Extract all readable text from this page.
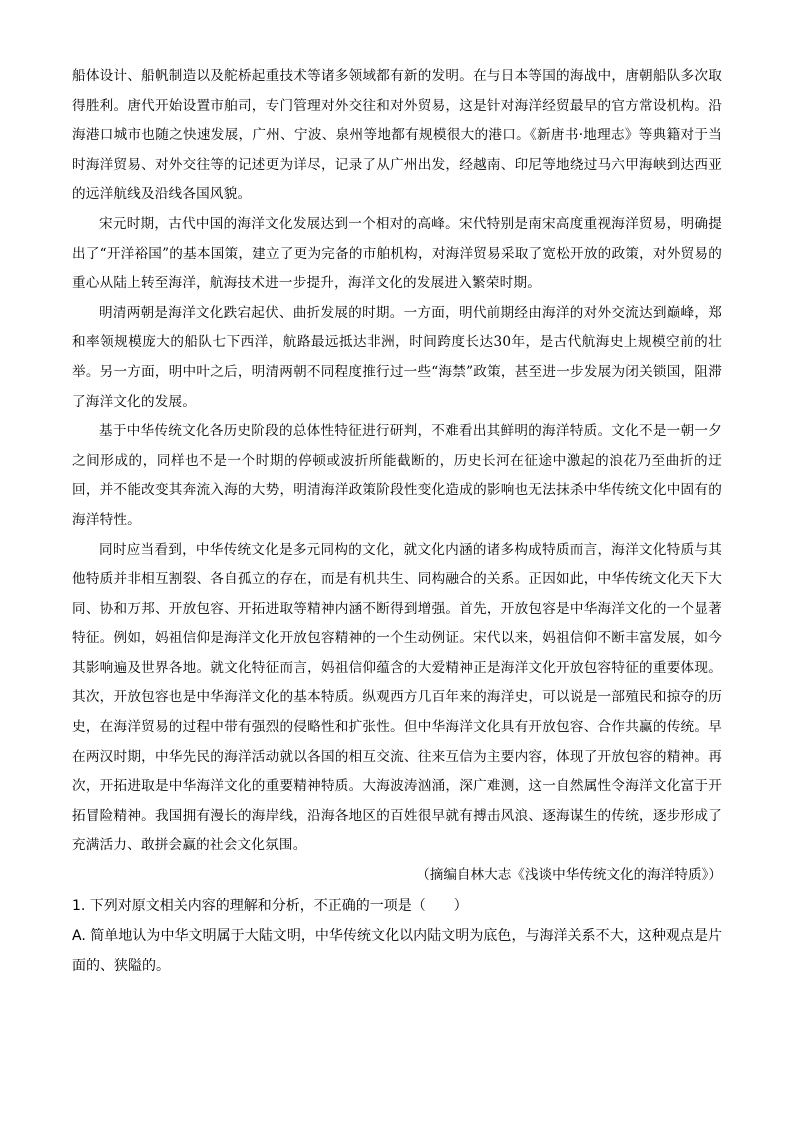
船体设计、船帆制造以及舵桥起重技术等诸多领域都有新的发明。在与日本等国的海战中，唐朝船队多次取得胜利。唐代开始设置市舶司，专门管理对外交往和对外贸易，这是针对海洋经贸最早的官方常设机构。沿海港口城市也随之快速发展，广州、宁波、泉州等地都有规模很大的港口。《新唐书·地理志》等典籍对于当时海洋贸易、对外交往等的记述更为详尽，记录了从广州出发，经越南、印尼等地绕过马六甲海峡到达西亚的远洋航线及沿线各国风貌。

宋元时期，古代中国的海洋文化发展达到一个相对的高峰。宋代特别是南宋高度重视海洋贸易，明确提出了“开洋裕国”的基本国策，建立了更为完备的市舶机构，对海洋贸易采取了宽松开放的政策，对外贸易的重心从陆上转至海洋，航海技术进一步提升，海洋文化的发展进入繁荣时期。

明清两朝是海洋文化跌宕起伏、曲折发展的时期。一方面，明代前期经由海洋的对外交流达到巅峰，郑和率领规模庞大的船队七下西洋，航路最远抵达非洲，时间跨度长达30年，是古代航海史上规模空前的壮举。另一方面，明中叶之后，明清两朝不同程度推行过一些“海禁”政策，甚至进一步发展为闭关锁国，阻滞了海洋文化的发展。

基于中华传统文化各历史阶段的总体性特征进行研判，不难看出其鲜明的海洋特质。文化不是一朝一夕之间形成的，同样也不是一个时期的停顿或波折所能截断的，历史长河在征途中激起的浪花乃至曲折的迂回，并不能改变其奔流入海的大势，明清海洋政策阶段性变化造成的影响也无法抹杀中华传统文化中固有的海洋特性。

同时应当看到，中华传统文化是多元同构的文化，就文化内涵的诸多构成特质而言，海洋文化特质与其他特质并非相互割裂、各自孤立的存在，而是有机共生、同构融合的关系。正因如此，中华传统文化天下大同、协和万邦、开放包容、开拓进取等精神内涵不断得到增强。首先，开放包容是中华海洋文化的一个显著特征。例如，妈祖信仰是海洋文化开放包容精神的一个生动例证。宋代以来，妈祖信仰不断丰富发展，如今其影响遍及世界各地。就文化特征而言，妈祖信仰蕴含的大爱精神正是海洋文化开放包容特征的重要体现。其次，开放包容也是中华海洋文化的基本特质。纵观西方几百年来的海洋史，可以说是一部殖民和掠夺的历史，在海洋贸易的过程中带有强烈的侵略性和扩张性。但中华海洋文化具有开放包容、合作共赢的传统。早在两汉时期，中华先民的海洋活动就以各国的相互交流、往来互信为主要内容，体现了开放包容的精神。再次，开拓进取是中华海洋文化的重要精神特质。大海波涛汹涌，深广难测，这一自然属性令海洋文化富于开拓冒险精神。我国拥有漫长的海岸线，沿海各地区的百姓很早就有搏击风浪、逐海谋生的传统，逐步形成了充满活力、敢拼会赢的社会文化氛围。

（摘编自林大志《浅谈中华传统文化的海洋特质》）

1. 下列对原文相关内容的理解和分析，不正确的一项是（　　）

A. 简单地认为中华文明属于大陆文明，中华传统文化以内陆文明为底色，与海洋关系不大，这种观点是片面的、狭隘的。
